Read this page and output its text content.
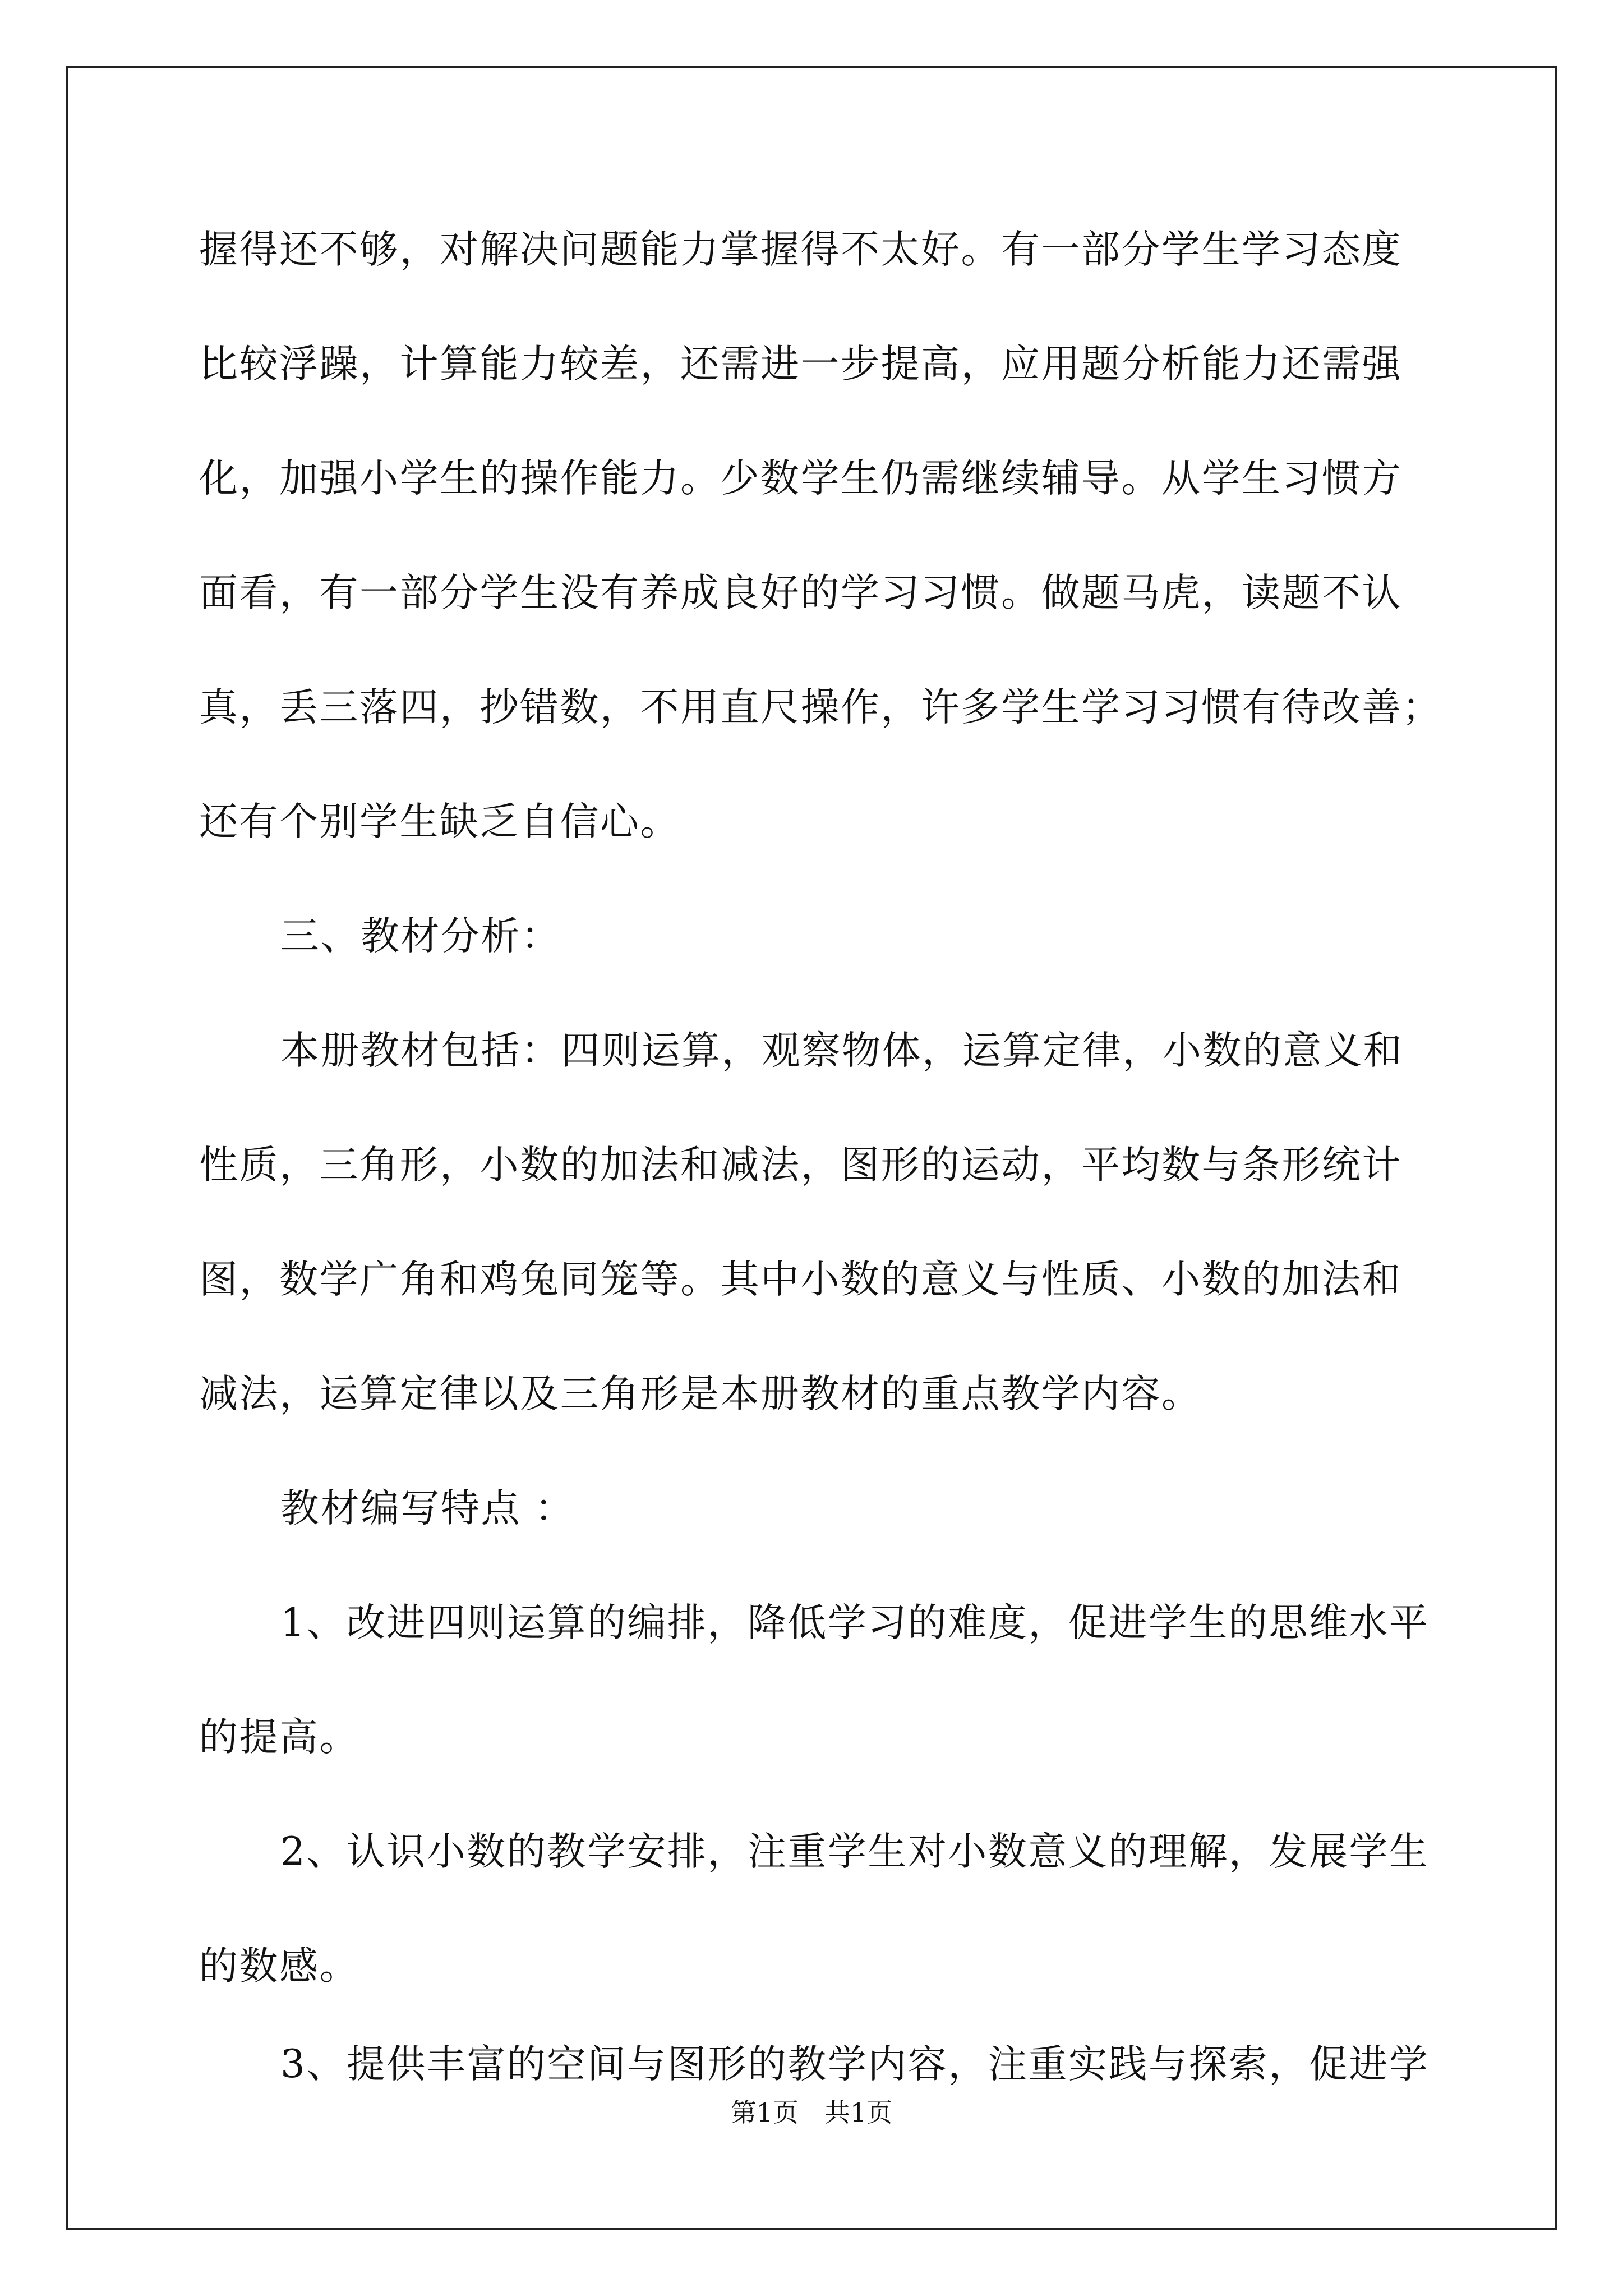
握得还不够，对解决问题能力掌握得不太好。有一部分学生学习态度
比较浮躁，计算能力较差，还需进一步提高，应用题分析能力还需强
化，加强小学生的操作能力。少数学生仍需继续辅导。从学生习惯方
面看，有一部分学生没有养成良好的学习习惯。做题马虎，读题不认
真，丢三落四，抄错数，不用直尺操作，许多学生学习习惯有待改善；
还有个别学生缺乏自信心。
三、教材分析：
本册教材包括：四则运算，观察物体，运算定律，小数的意义和
性质，三角形，小数的加法和减法，图形的运动，平均数与条形统计
图，数学广角和鸡兔同笼等。其中小数的意义与性质、小数的加法和
减法，运算定律以及三角形是本册教材的重点教学内容。
教材编写特点 ：
1、改进四则运算的编排，降低学习的难度，促进学生的思维水平
的提高。
2、认识小数的教学安排，注重学生对小数意义的理解，发展学生
的数感。
3、提供丰富的空间与图形的教学内容，注重实践与探索，促进学
第1页　共1页
